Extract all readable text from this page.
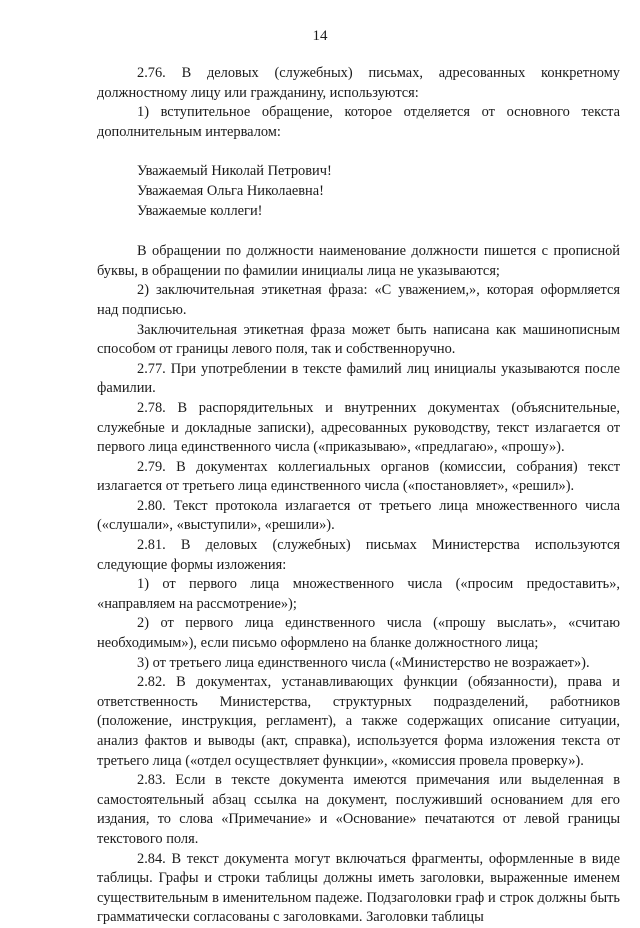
14

2.76. В деловых (служебных) письмах, адресованных конкретному должностному лицу или гражданину, используются:

1) вступительное обращение, которое отделяется от основного текста дополнительным интервалом:

Уважаемый Николай Петрович!
Уважаемая Ольга Николаевна!
Уважаемые коллеги!

В обращении по должности наименование должности пишется с прописной буквы, в обращении по фамилии инициалы лица не указываются;

2) заключительная этикетная фраза: «С уважением,», которая оформляется над подписью.

Заключительная этикетная фраза может быть написана как машинописным способом от границы левого поля, так и собственноручно.

2.77. При употреблении в тексте фамилий лиц инициалы указываются после фамилии.

2.78. В распорядительных и внутренних документах (объяснительные, служебные и докладные записки), адресованных руководству, текст излагается от первого лица единственного числа («приказываю», «предлагаю», «прошу»).

2.79. В документах коллегиальных органов (комиссии, собрания) текст излагается от третьего лица единственного числа («постановляет», «решил»).

2.80. Текст протокола излагается от третьего лица множественного числа («слушали», «выступили», «решили»).

2.81. В деловых (служебных) письмах Министерства используются следующие формы изложения:

1) от первого лица множественного числа («просим предоставить», «направляем на рассмотрение»);

2) от первого лица единственного числа («прошу выслать», «считаю необходимым»), если письмо оформлено на бланке должностного лица;

3) от третьего лица единственного числа («Министерство не возражает»).

2.82. В документах, устанавливающих функции (обязанности), права и ответственность Министерства, структурных подразделений, работников (положение, инструкция, регламент), а также содержащих описание ситуации, анализ фактов и выводы (акт, справка), используется форма изложения текста от третьего лица («отдел осуществляет функции», «комиссия провела проверку»).

2.83. Если в тексте документа имеются примечания или выделенная в самостоятельный абзац ссылка на документ, послуживший основанием для его издания, то слова «Примечание» и «Основание» печатаются от левой границы текстового поля.

2.84. В текст документа могут включаться фрагменты, оформленные в виде таблицы. Графы и строки таблицы должны иметь заголовки, выраженные именем существительным в именительном падеже. Подзаголовки граф и строк должны быть грамматически согласованы с заголовками. Заголовки таблицы
